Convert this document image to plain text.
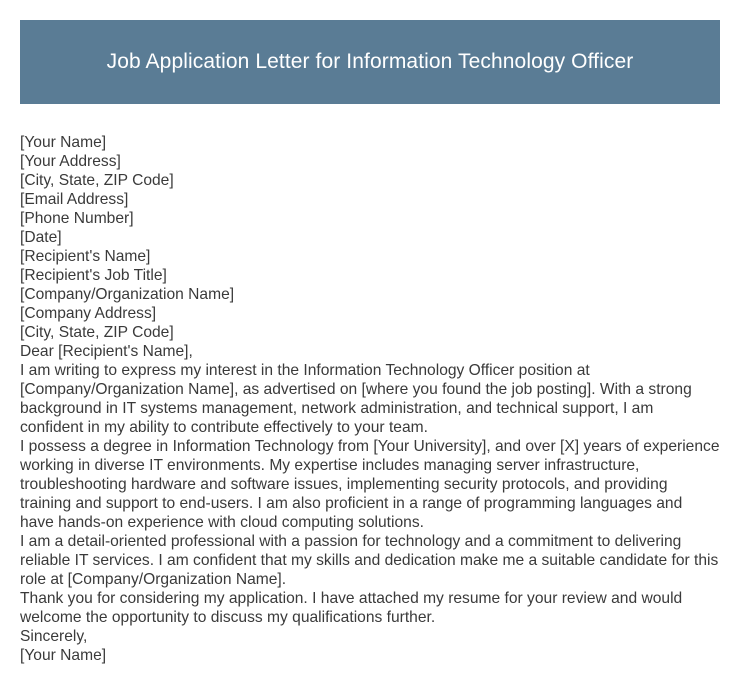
Job Application Letter for Information Technology Officer

[Your Name]

[Your Address]

[City, State, ZIP Code]

[Email Address]

[Phone Number]

[Date]

[Recipient's Name]

[Recipient's Job Title]

[Company/Organization Name]

[Company Address]

[City, State, ZIP Code]

Dear [Recipient's Name],

I am writing to express my interest in the Information Technology Officer position at [Company/Organization Name], as advertised on [where you found the job posting]. With a strong background in IT systems management, network administration, and technical support, I am confident in my ability to contribute effectively to your team.

I possess a degree in Information Technology from [Your University], and over [X] years of experience working in diverse IT environments. My expertise includes managing server infrastructure, troubleshooting hardware and software issues, implementing security protocols, and providing training and support to end-users. I am also proficient in a range of programming languages and have hands-on experience with cloud computing solutions.

I am a detail-oriented professional with a passion for technology and a commitment to delivering reliable IT services. I am confident that my skills and dedication make me a suitable candidate for this role at [Company/Organization Name].

Thank you for considering my application. I have attached my resume for your review and would welcome the opportunity to discuss my qualifications further.

Sincerely,

[Your Name]
